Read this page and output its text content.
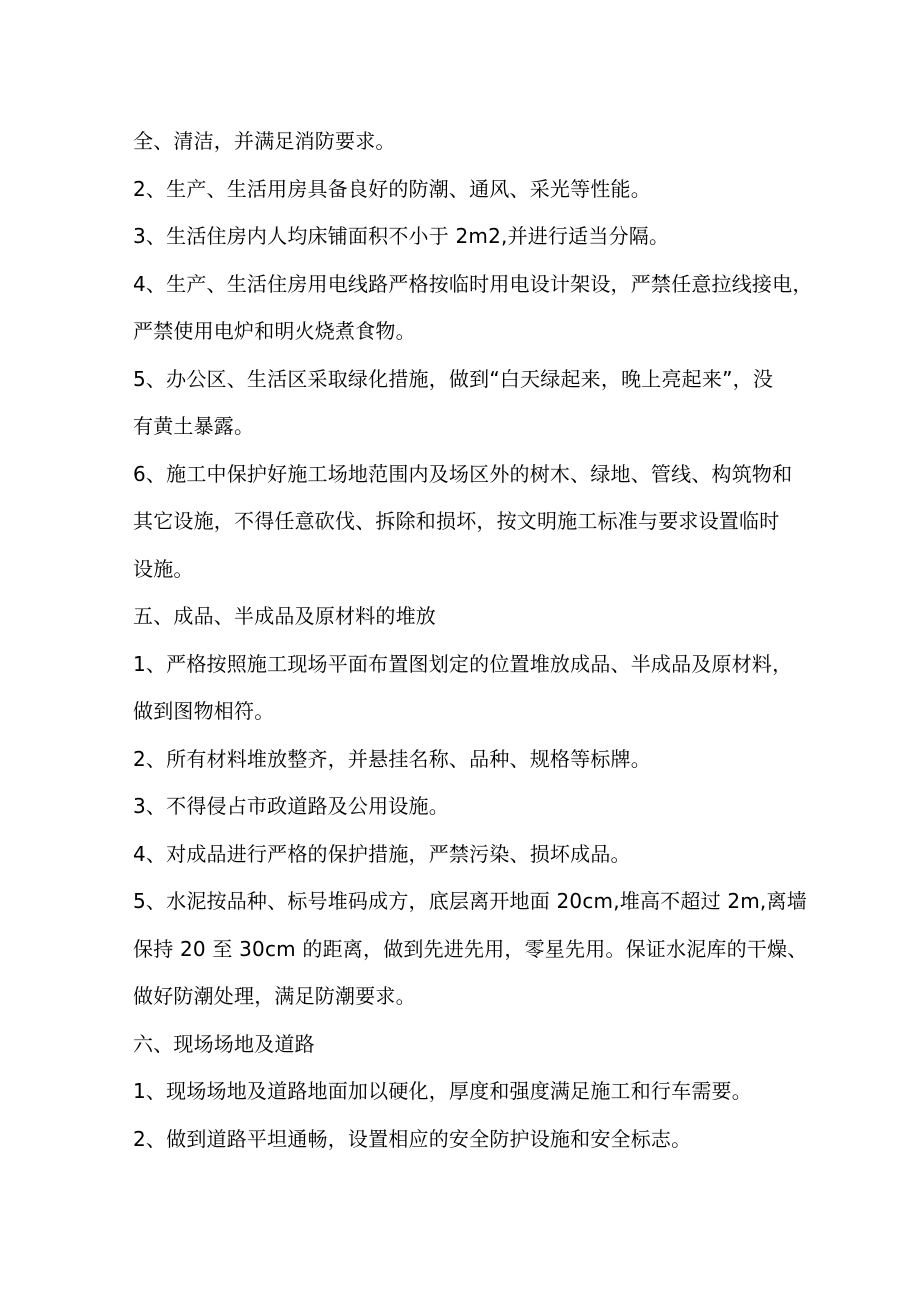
全、清洁，并满足消防要求。

2、生产、生活用房具备良好的防潮、通风、采光等性能。

3、生活住房内人均床铺面积不小于 2m2,并进行适当分隔。

4、生产、生活住房用电线路严格按临时用电设计架设，严禁任意拉线接电，

严禁使用电炉和明火烧煮食物。

5、办公区、生活区采取绿化措施，做到“白天绿起来，晚上亮起来”，没

有黄土暴露。

6、施工中保护好施工场地范围内及场区外的树木、绿地、管线、构筑物和

其它设施，不得任意砍伐、拆除和损坏，按文明施工标准与要求设置临时

设施。

五、成品、半成品及原材料的堆放

1、严格按照施工现场平面布置图划定的位置堆放成品、半成品及原材料，

做到图物相符。

2、所有材料堆放整齐，并悬挂名称、品种、规格等标牌。

3、不得侵占市政道路及公用设施。

4、对成品进行严格的保护措施，严禁污染、损坏成品。

5、水泥按品种、标号堆码成方，底层离开地面 20cm,堆高不超过 2m,离墙

保持 20 至 30cm 的距离，做到先进先用，零星先用。保证水泥库的干燥、

做好防潮处理，满足防潮要求。

六、现场场地及道路

1、现场场地及道路地面加以硬化，厚度和强度满足施工和行车需要。

2、做到道路平坦通畅，设置相应的安全防护设施和安全标志。
